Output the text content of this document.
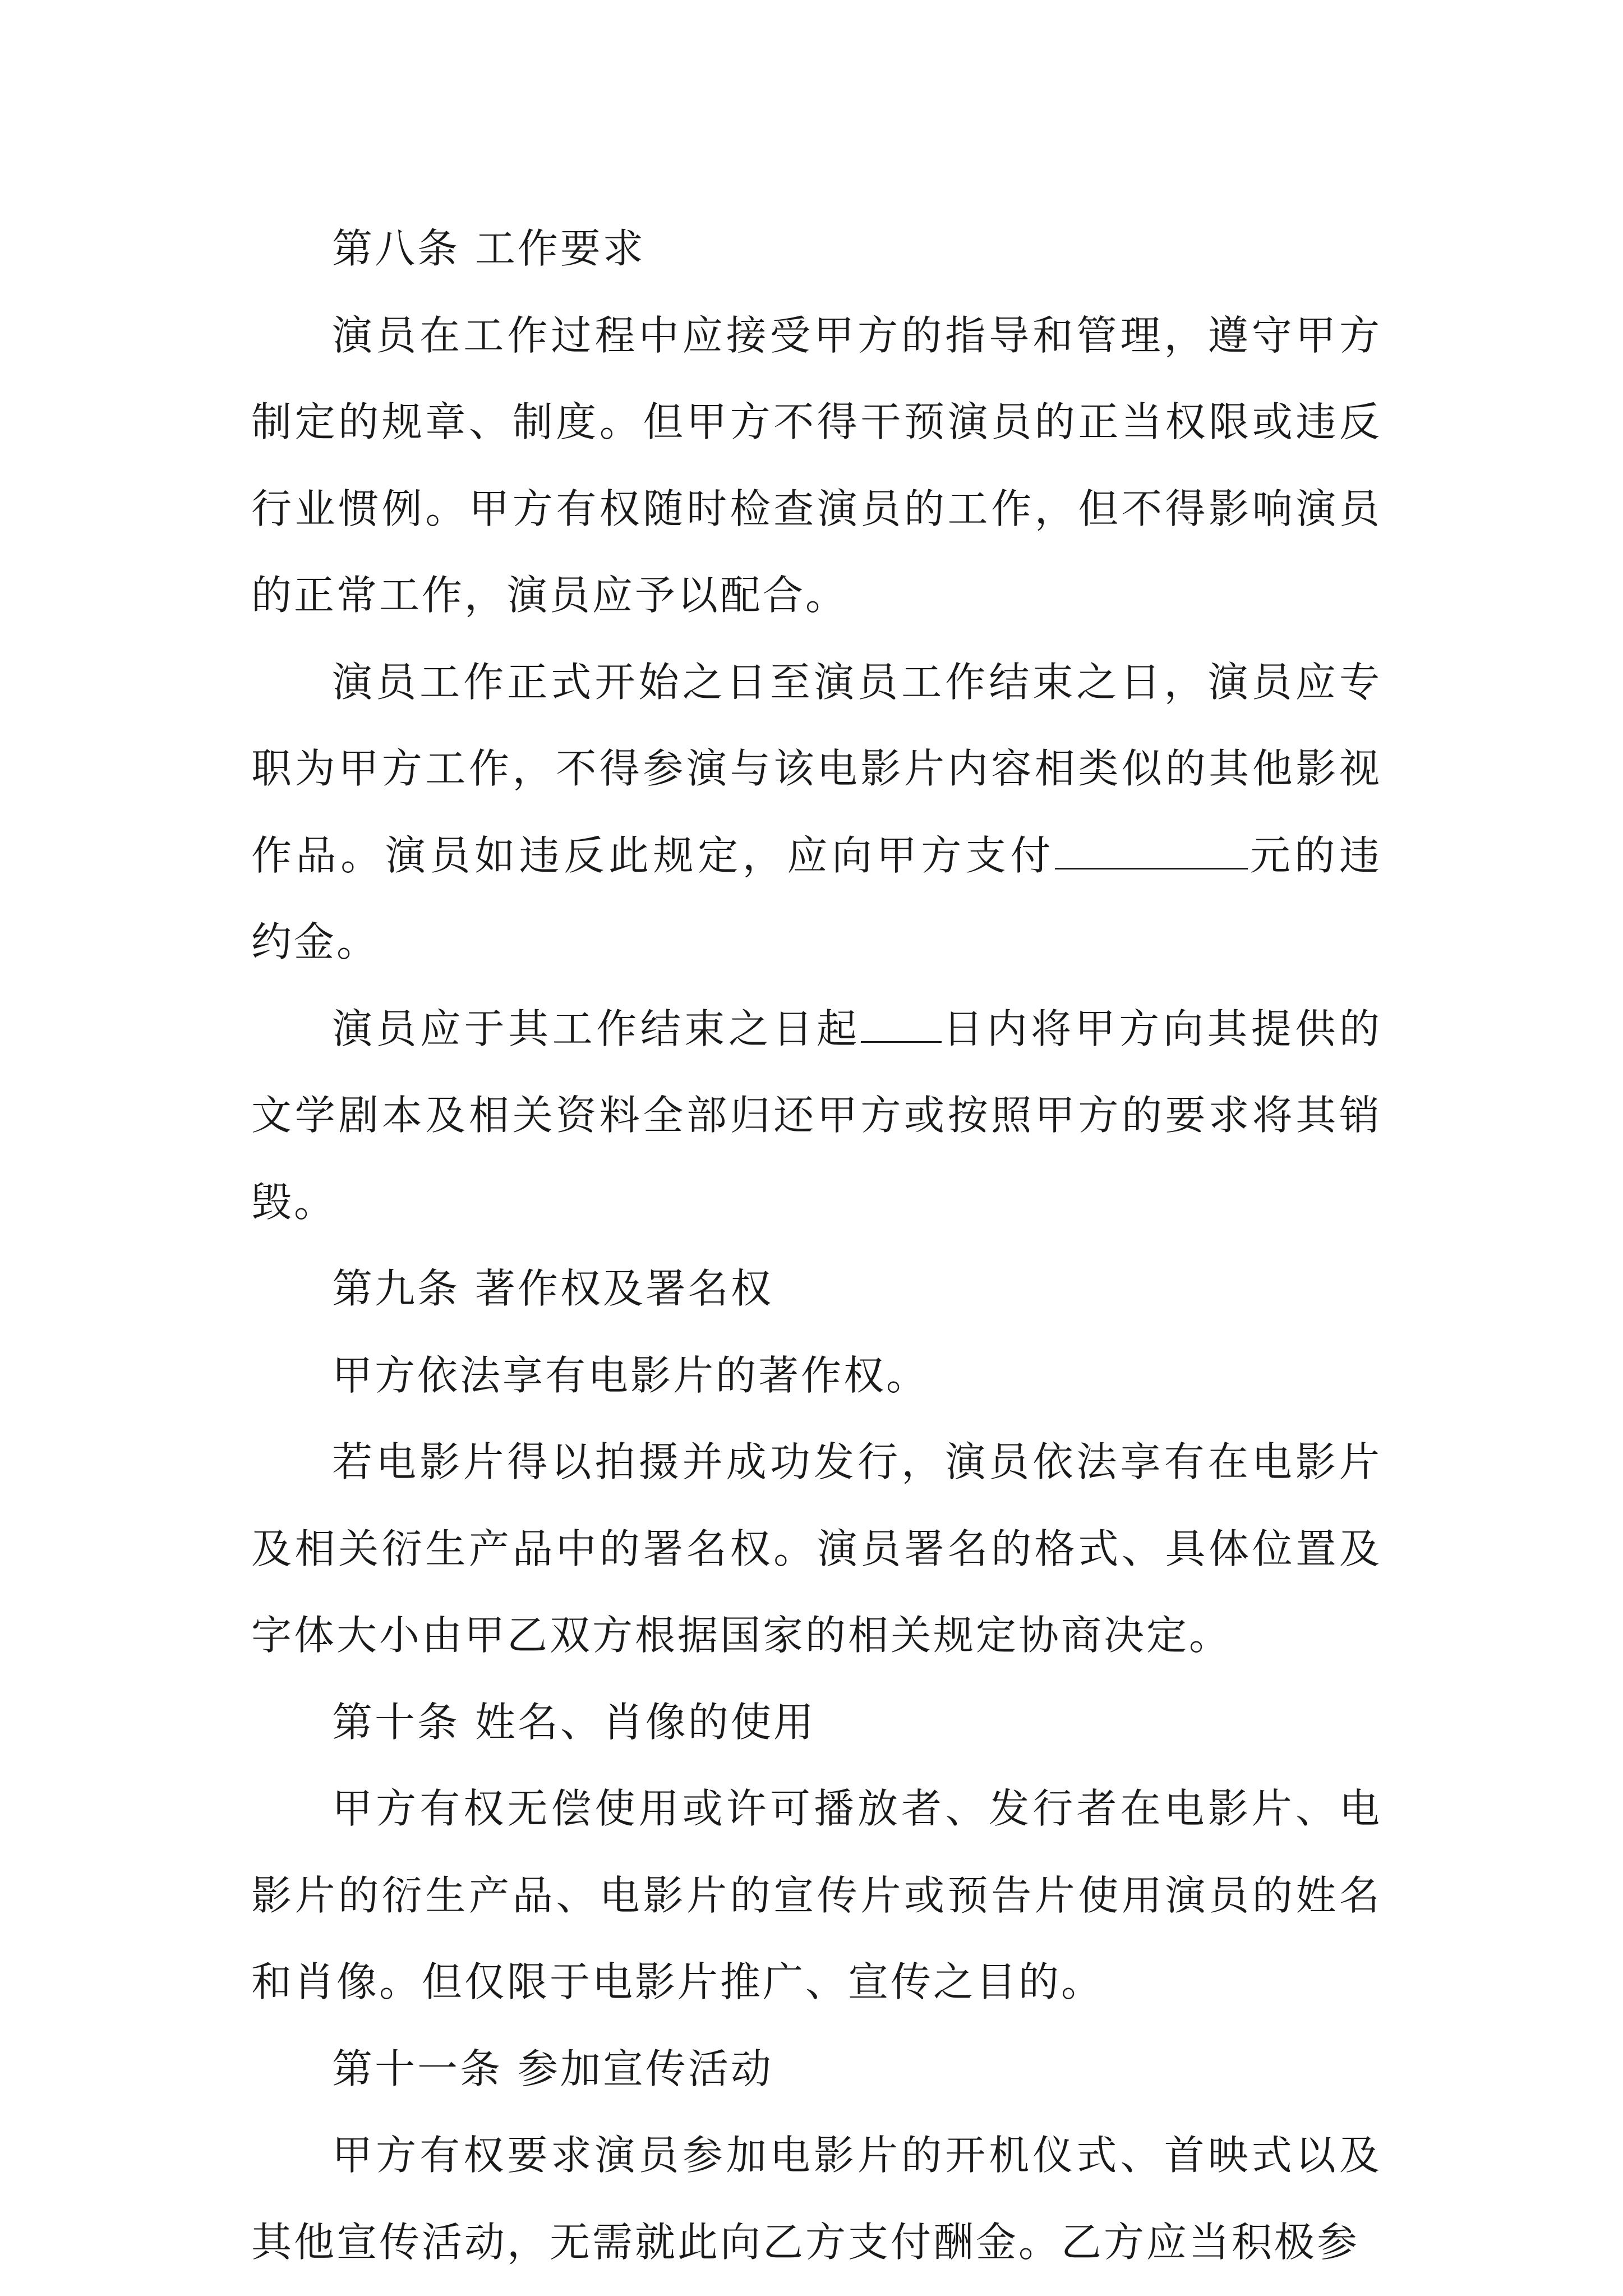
第八条 工作要求

演员在工作过程中应接受甲方的指导和管理，遵守甲方制定的规章、制度。但甲方不得干预演员的正当权限或违反行业惯例。甲方有权随时检查演员的工作，但不得影响演员的正常工作，演员应予以配合。

演员工作正式开始之日至演员工作结束之日，演员应专职为甲方工作，不得参演与该电影片内容相类似的其他影视作品。演员如违反此规定，应向甲方支付	元的违约金。

演员应于其工作结束之日起 日内将甲方向其提供的文学剧本及相关资料全部归还甲方或按照甲方的要求将其销毁。

第九条 著作权及署名权

甲方依法享有电影片的著作权。

若电影片得以拍摄并成功发行，演员依法享有在电影片及相关衍生产品中的署名权。演员署名的格式、具体位置及字体大小由甲乙双方根据国家的相关规定协商决定。

第十条 姓名、肖像的使用

甲方有权无偿使用或许可播放者、发行者在电影片、电影片的衍生产品、电影片的宣传片或预告片使用演员的姓名和肖像。但仅限于电影片推广、宣传之目的。

第十一条 参加宣传活动

甲方有权要求演员参加电影片的开机仪式、首映式以及其他宣传活动，无需就此向乙方支付酬金。乙方应当积极参
